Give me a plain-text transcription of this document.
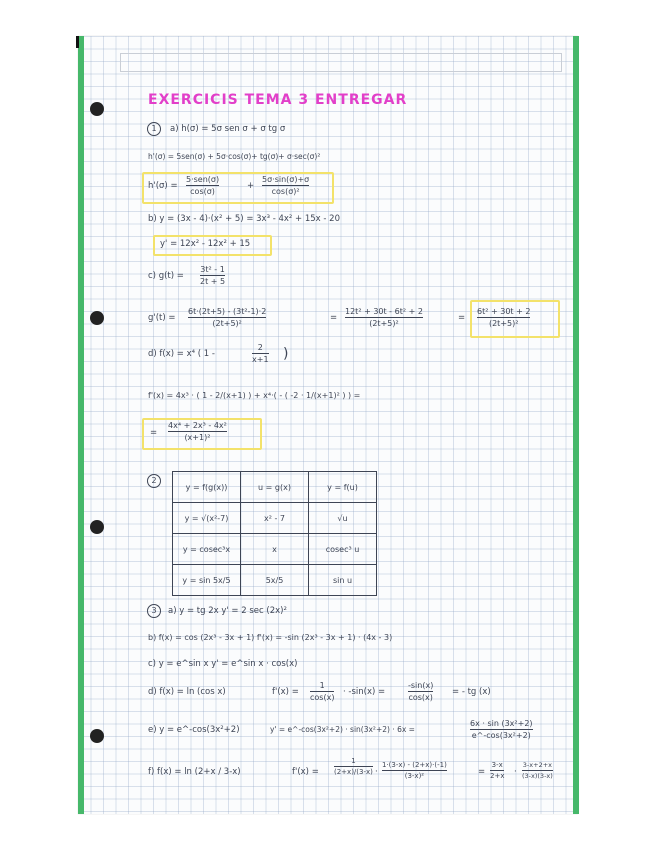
EXERCICIS TEMA 3 ENTREGAR
1	a) h(σ) = 5σ sen σ + σ tg σ
h'(σ) = 5sen(σ) + 5σ·cos(σ)+ tg(σ)+ σ·sec(σ)²
h'(σ) =
5·sen(σ)
cos(σ)
+
5σ·sin(σ)+σ
cos(σ)²
b) y = (3x - 4)·(x² + 5) = 3x³ - 4x² + 15x - 20
y' = 12x² - 12x² + 15
c) g(t) =
3t² - 1
2t + 5
g'(t) =
6t·(2t+5) - (3t²-1)·2
(2t+5)²
=
12t² + 30t - 6t² + 2
(2t+5)²
=
6t² + 30t + 2
(2t+5)²
d) f(x) = x⁴ ( 1 -
2
x+1 )
f'(x) = 4x³ · ( 1 - 2/(x+1) ) + x⁴·( - ( -2 · 1/(x+1)² ) ) =
=
4x⁴ + 2x³ - 4x²
(x+1)²
2
y = f(g(x))	u = g(x)	y = f(u)
y = √(x²-7)	x² - 7	√u
y = cosec³x	x	cosec³ u
y = sin 5x/5	5x/5	sin u
3	a) y = tg 2x y' = 2 sec (2x)²
b) f(x) = cos (2x³ - 3x + 1) f'(x) = -sin (2x³ - 3x + 1) · (4x - 3)
c) y = e^sin x y' = e^sin x · cos(x)
d) f(x) = ln (cos x)	f'(x) =
1
cos(x)
· -sin(x) =
-sin(x)
cos(x)
= - tg (x)
e) y = e^-cos(3x²+2)	y' = e^-cos(3x²+2) · sin(3x²+2) · 6x =
6x · sin (3x²+2)
e^-cos(3x²+2)
f) f(x) = ln (2+x / 3-x)	f'(x) =
1
(2+x)/(3-x) ·
1·(3-x) - (2+x)·(-1)
(3-x)²	=
3-x
2+x ·
3-x+2+x
(3-x)(3-x)
